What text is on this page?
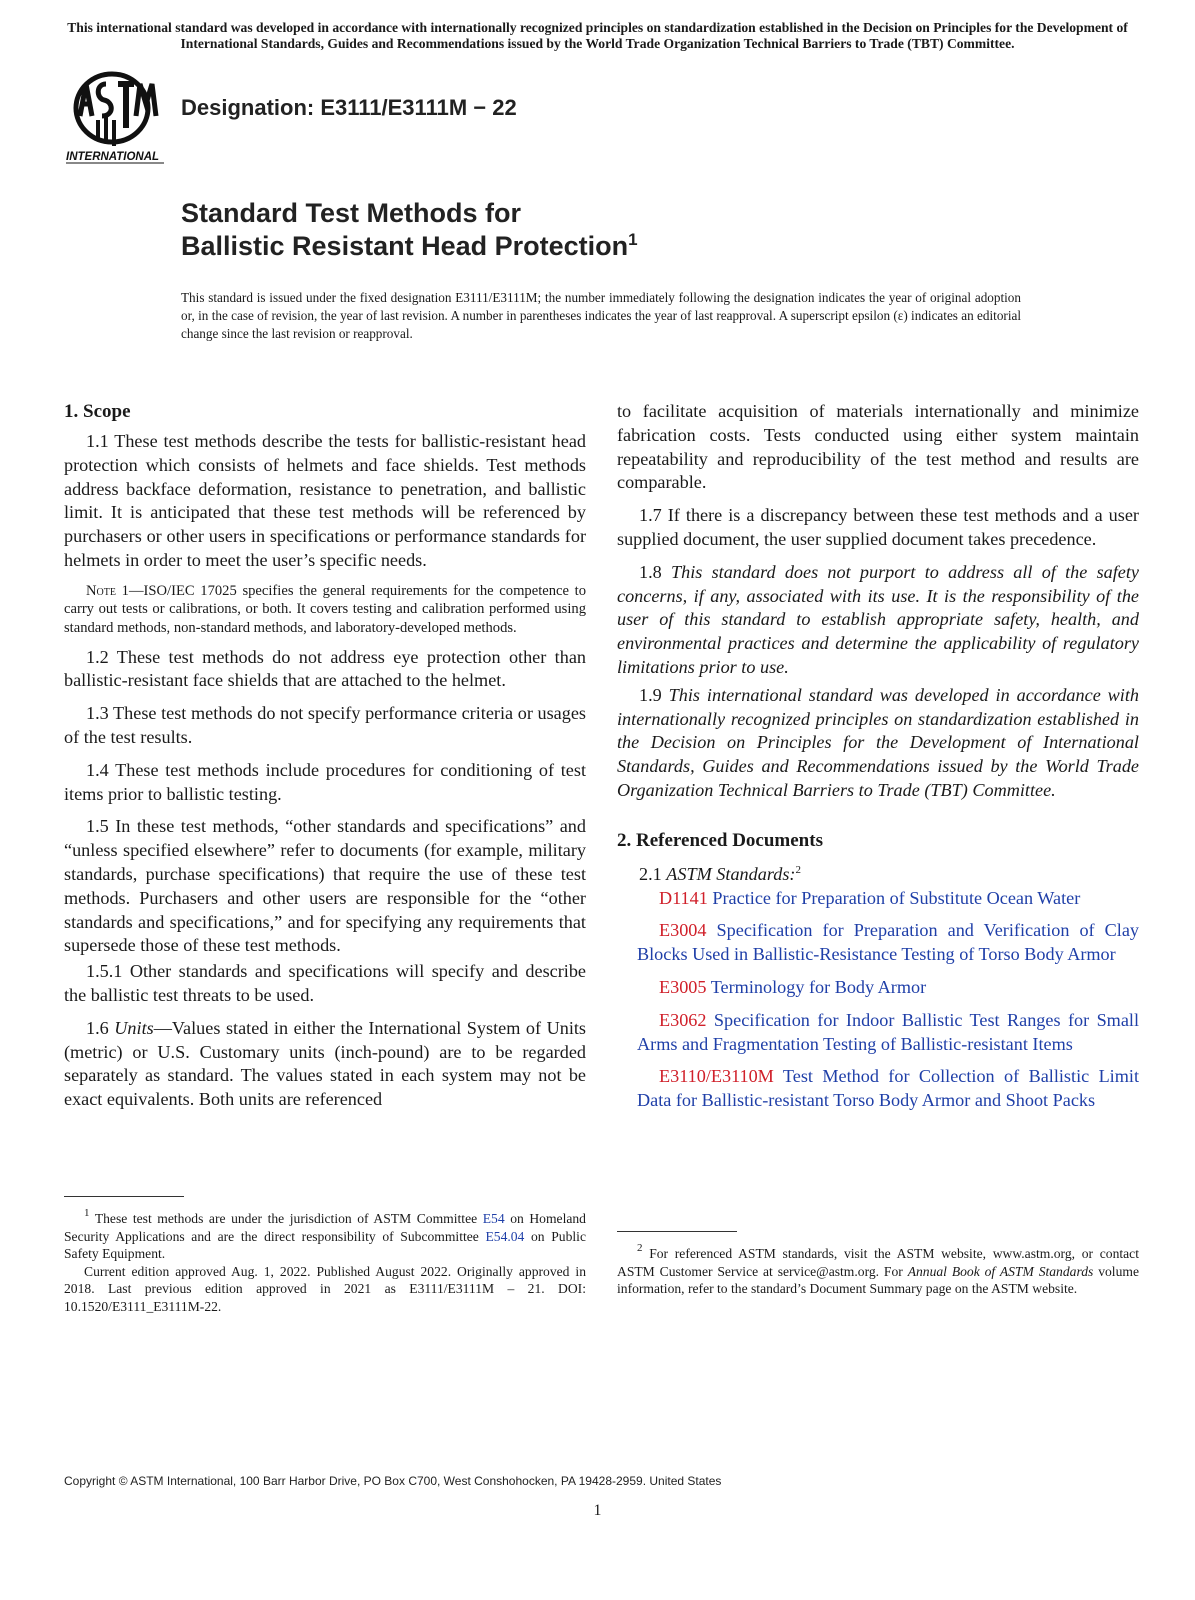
This international standard was developed in accordance with internationally recognized principles on standardization established in the Decision on Principles for the Development of International Standards, Guides and Recommendations issued by the World Trade Organization Technical Barriers to Trade (TBT) Committee.
INTERNATIONAL
Designation: E3111/E3111M − 22
Standard Test Methods for
Ballistic Resistant Head Protection$^1$
This standard is issued under the fixed designation E3111/E3111M; the number immediately following the designation indicates the year of original adoption or, in the case of revision, the year of last revision. A number in parentheses indicates the year of last reapproval. A superscript epsilon (ε) indicates an editorial change since the last revision or reapproval.
1. Scope

1.1 These test methods describe the tests for ballistic-resistant head protection which consists of helmets and face shields. Test methods address backface deformation, resistance to penetration, and ballistic limit. It is anticipated that these test methods will be referenced by purchasers or other users in specifications or performance standards for helmets in order to meet the user’s specific needs.

Note 1—ISO/IEC 17025 specifies the general requirements for the competence to carry out tests or calibrations, or both. It covers testing and calibration performed using standard methods, non-standard methods, and laboratory-developed methods.

1.2 These test methods do not address eye protection other than ballistic-resistant face shields that are attached to the helmet.

1.3 These test methods do not specify performance criteria or usages of the test results.

1.4 These test methods include procedures for conditioning of test items prior to ballistic testing.

1.5 In these test methods, “other standards and specifications” and “unless specified elsewhere” refer to documents (for example, military standards, purchase specifications) that require the use of these test methods. Purchasers and other users are responsible for the “other standards and specifications,” and for specifying any requirements that supersede those of these test methods.

1.5.1 Other standards and specifications will specify and describe the ballistic test threats to be used.

1.6 Units—Values stated in either the International System of Units (metric) or U.S. Customary units (inch-pound) are to be regarded separately as standard. The values stated in each system may not be exact equivalents. Both units are referenced

to facilitate acquisition of materials internationally and minimize fabrication costs. Tests conducted using either system maintain repeatability and reproducibility of the test method and results are comparable.

1.7 If there is a discrepancy between these test methods and a user supplied document, the user supplied document takes precedence.

1.8 This standard does not purport to address all of the safety concerns, if any, associated with its use. It is the responsibility of the user of this standard to establish appropriate safety, health, and environmental practices and determine the applicability of regulatory limitations prior to use.

1.9 This international standard was developed in accordance with internationally recognized principles on standardization established in the Decision on Principles for the Development of International Standards, Guides and Recommendations issued by the World Trade Organization Technical Barriers to Trade (TBT) Committee.

2. Referenced Documents

2.1 ASTM Standards:$^2$

D1141 Practice for Preparation of Substitute Ocean Water

E3004 Specification for Preparation and Verification of Clay Blocks Used in Ballistic-Resistance Testing of Torso Body Armor

E3005 Terminology for Body Armor

E3062 Specification for Indoor Ballistic Test Ranges for Small Arms and Fragmentation Testing of Ballistic-resistant Items

E3110/E3110M Test Method for Collection of Ballistic Limit Data for Ballistic-resistant Torso Body Armor and Shoot Packs

$^1$ These test methods are under the jurisdiction of ASTM Committee E54 on Homeland Security Applications and are the direct responsibility of Subcommittee E54.04 on Public Safety Equipment.

Current edition approved Aug. 1, 2022. Published August 2022. Originally approved in 2018. Last previous edition approved in 2021 as E3111/E3111M – 21. DOI: 10.1520/E3111_E3111M-22.

$^2$ For referenced ASTM standards, visit the ASTM website, www.astm.org, or contact ASTM Customer Service at service@astm.org. For Annual Book of ASTM Standards volume information, refer to the standard’s Document Summary page on the ASTM website.

Copyright © ASTM International, 100 Barr Harbor Drive, PO Box C700, West Conshohocken, PA 19428-2959. United States
1
